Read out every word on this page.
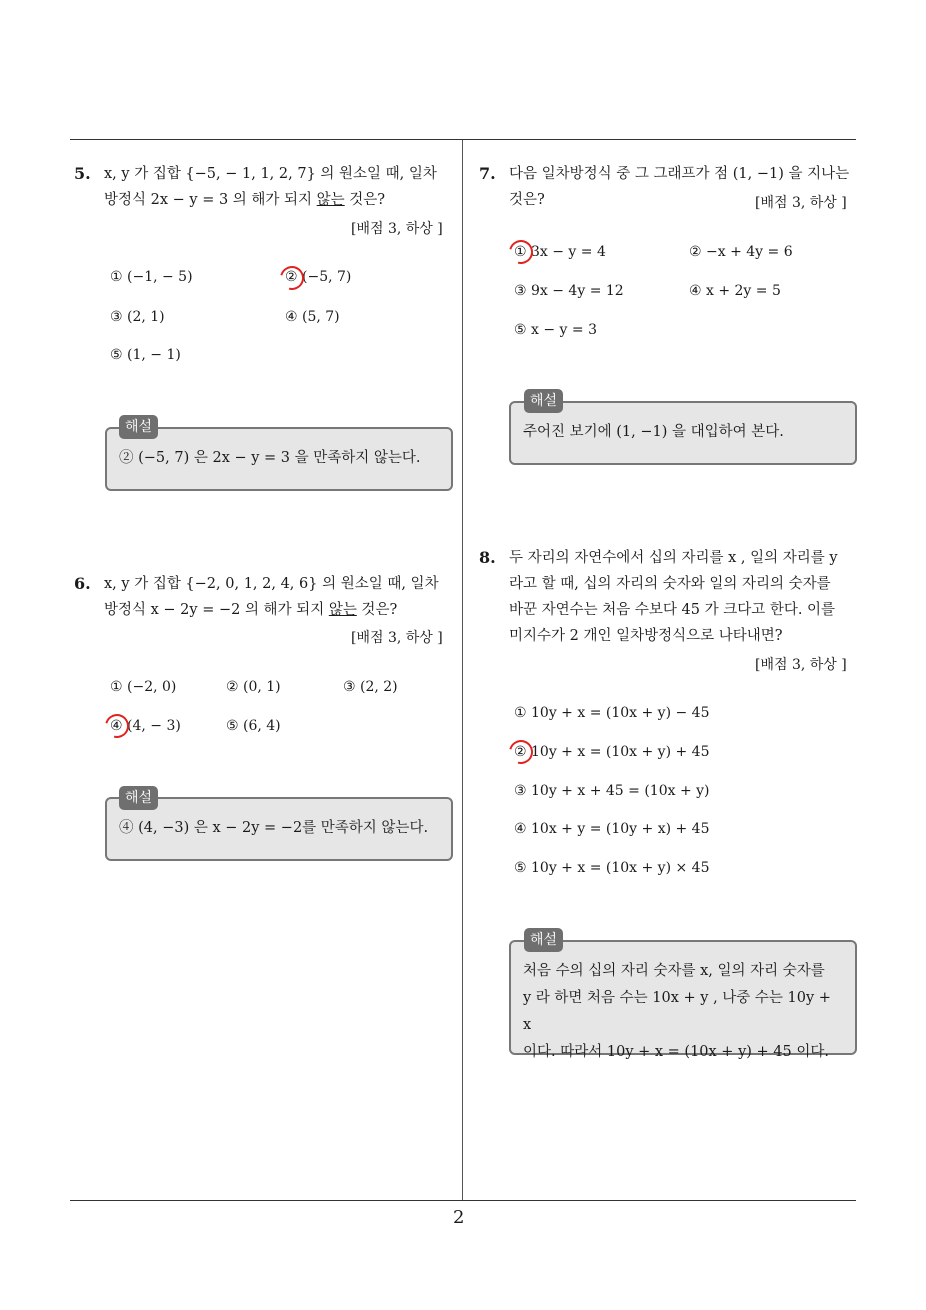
2
5. x, y 가 집합 {−5, − 1, 1, 2, 7} 의 원소일 때, 일차
방정식 2x − y = 3 의 해가 되지 않는 것은?
[배점 3, 하상 ]
① (−1, − 5)	② (−5, 7)
③ (2, 1)	④ (5, 7)
⑤ (1, − 1)
② (−5, 7) 은 2x − y = 3 을 만족하지 않는다.
해설
6. x, y 가 집합 {−2, 0, 1, 2, 4, 6} 의 원소일 때, 일차
방정식 x − 2y = −2 의 해가 되지 않는 것은?
[배점 3, 하상 ]
① (−2, 0)	② (0, 1)	③ (2, 2)
④ (4, − 3)	⑤ (6, 4)
④ (4, −3) 은 x − 2y = −2를 만족하지 않는다.
해설
7. 다음 일차방정식 중 그 그래프가 점 (1, −1) 을 지나는
것은?	[배점 3, 하상 ]
① 3x − y = 4	② −x + 4y = 6
③ 9x − 4y = 12	④ x + 2y = 5
⑤ x − y = 3
주어진 보기에 (1, −1) 을 대입하여 본다.
해설
8. 두 자리의 자연수에서 십의 자리를 x , 일의 자리를 y
라고 할 때, 십의 자리의 숫자와 일의 자리의 숫자를
바꾼 자연수는 처음 수보다 45 가 크다고 한다. 이를
미지수가 2 개인 일차방정식으로 나타내면?
[배점 3, 하상 ]
① 10y + x = (10x + y) − 45
② 10y + x = (10x + y) + 45
③ 10y + x + 45 = (10x + y)
④ 10x + y = (10y + x) + 45
⑤ 10y + x = (10x + y) × 45
처음 수의 십의 자리 숫자를 x, 일의 자리 숫자를
y 라 하면 처음 수는 10x + y , 나중 수는 10y + x
이다. 따라서 10y + x = (10x + y) + 45 이다.
해설
